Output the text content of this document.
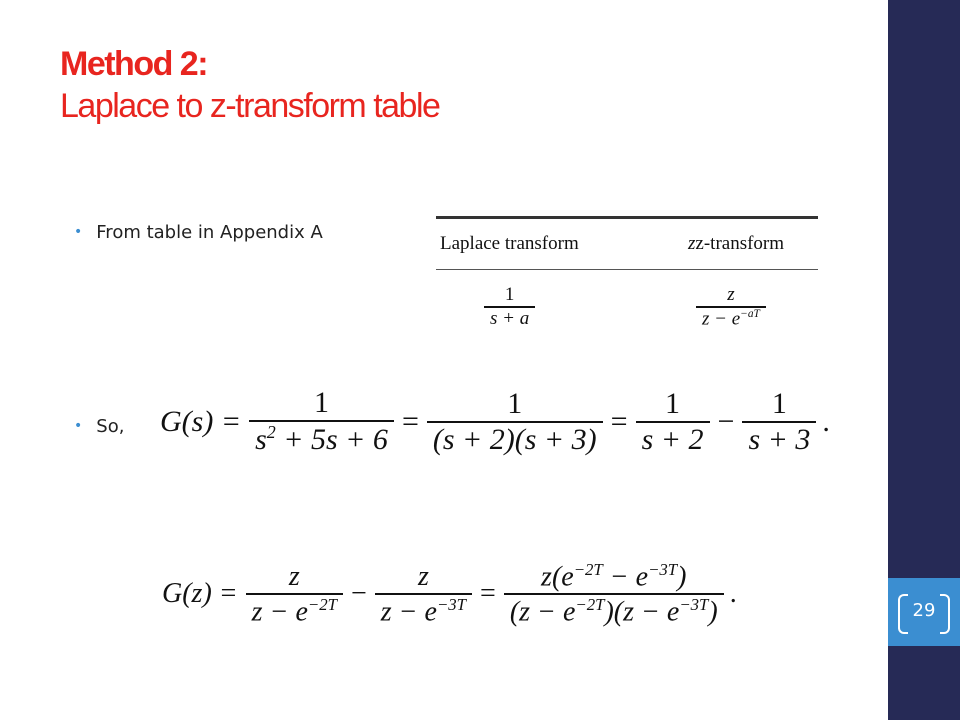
29
Method 2:
Laplace to z-transform table
• From table in Appendix A
• So,
Laplace transform	zz-transform
1
s + a
z
$z - e^{-aT}$
$G(s) = \frac{1}{s^2 + 5s + 6} = \frac{1}{(s + 2)(s + 3)} = \frac{1}{s + 2} - \frac{1}{s + 3}$ .
$G(z) = \frac{z}{z - e^{-2T}} - \frac{z}{z - e^{-3T}} = \frac{z(e^{-2T} - e^{-3T})}{(z - e^{-2T})(z - e^{-3T})}$ .
